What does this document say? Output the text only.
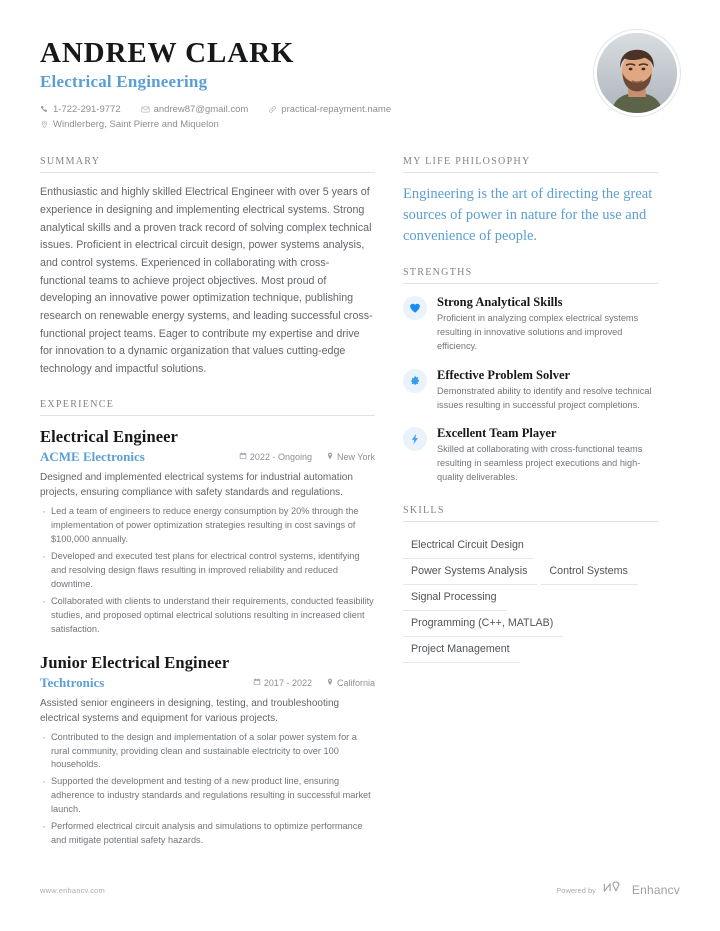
ANDREW CLARK
Electrical Engineering
1-722-291-9772	andrew87@gmail.com	practical-repayment.name
Windlerberg, Saint Pierre and Miquelon
SUMMARY
Enthusiastic and highly skilled Electrical Engineer with over 5 years of experience in designing and implementing electrical systems. Strong analytical skills and a proven track record of solving complex technical issues. Proficient in electrical circuit design, power systems analysis, and control systems. Experienced in collaborating with cross-functional teams to achieve project objectives. Most proud of developing an innovative power optimization technique, publishing research on renewable energy systems, and leading successful cross-functional project teams. Eager to contribute my expertise and drive for innovation to a dynamic organization that values cutting-edge technology and impactful solutions.
EXPERIENCE
Electrical Engineer
ACME Electronics	2022 - Ongoing	New York
Designed and implemented electrical systems for industrial automation projects, ensuring compliance with safety standards and regulations.
· Led a team of engineers to reduce energy consumption by 20% through the implementation of power optimization strategies resulting in cost savings of $100,000 annually.
· Developed and executed test plans for electrical control systems, identifying and resolving design flaws resulting in improved reliability and reduced downtime.
· Collaborated with clients to understand their requirements, conducted feasibility studies, and proposed optimal electrical solutions resulting in increased client satisfaction.
Junior Electrical Engineer
Techtronics	2017 - 2022	California
Assisted senior engineers in designing, testing, and troubleshooting electrical systems and equipment for various projects.
· Contributed to the design and implementation of a solar power system for a rural community, providing clean and sustainable electricity to over 100 households.
· Supported the development and testing of a new product line, ensuring adherence to industry standards and regulations resulting in successful market launch.
· Performed electrical circuit analysis and simulations to optimize performance and mitigate potential safety hazards.
MY LIFE PHILOSOPHY
Engineering is the art of directing the great sources of power in nature for the use and convenience of people.
STRENGTHS
Strong Analytical Skills
Proficient in analyzing complex electrical systems resulting in innovative solutions and improved efficiency.
Effective Problem Solver
Demonstrated ability to identify and resolve technical issues resulting in successful project completions.
Excellent Team Player
Skilled at collaborating with cross-functional teams resulting in seamless project executions and high-quality deliverables.
SKILLS
Electrical Circuit Design
Power Systems Analysis	Control Systems
Signal Processing
Programming (C++, MATLAB)
Project Management
www.enhancv.com	Powered by	Enhancv
